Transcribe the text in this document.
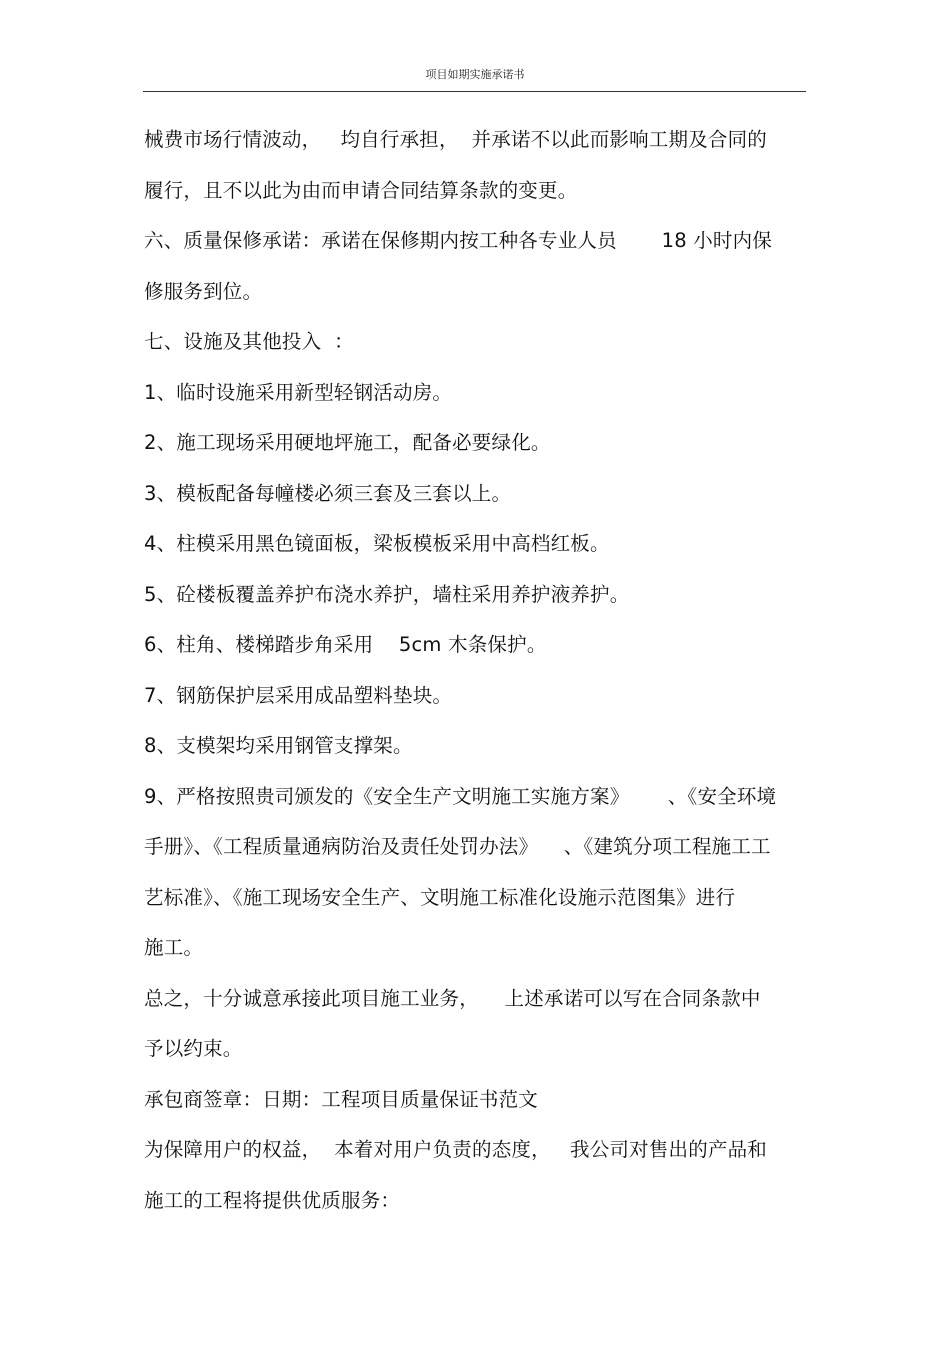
项目如期实施承诺书
械费市场行情波动，   均自行承担，  并承诺不以此而影响工期及合同的
履行，且不以此为由而申请合同结算条款的变更。
六、质量保修承诺：承诺在保修期内按工种各专业人员       18 小时内保
修服务到位。
七、设施及其他投入  ：
1、临时设施采用新型轻钢活动房。
2、施工现场采用硬地坪施工，配备必要绿化。
3、模板配备每幢楼必须三套及三套以上。
4、柱模采用黑色镜面板，梁板模板采用中高档红板。
5、砼楼板覆盖养护布浇水养护，墙柱采用养护液养护。
6、柱角、楼梯踏步角采用    5cm 木条保护。
7、钢筋保护层采用成品塑料垫块。
8、支模架均采用钢管支撑架。
9、严格按照贵司颁发的《安全生产文明施工实施方案》      、《安全环境
手册》、《工程质量通病防治及责任处罚办法》    、《建筑分项工程施工工
艺标准》、《施工现场安全生产、文明施工标准化设施示范图集》进行
施工。
总之，十分诚意承接此项目施工业务，    上述承诺可以写在合同条款中
予以约束。
承包商签章：日期：工程项目质量保证书范文
为保障用户的权益，  本着对用户负责的态度，   我公司对售出的产品和
施工的工程将提供优质服务：
